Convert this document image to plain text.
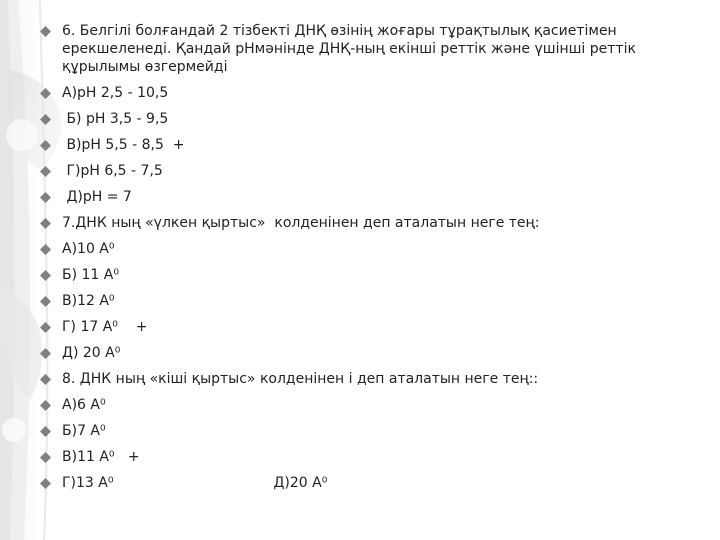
6. Белгілі болғандай 2 тізбекті ДНҚ өзінің жоғары тұрақтылық қасиетімен ерекшеленеді. Қандай рНмәнінде ДНҚ-ның екінші реттік және үшінші реттік құрылымы өзгермейді
А)рН 2,5 - 10,5
Б) рН 3,5 - 9,5
В)рН 5,5 - 8,5  +
Г)рН 6,5 - 7,5
Д)рН = 7
7.ДНК ның «үлкен қыртыс»  колденінен деп аталатын неге тең:
А)10 А⁰
Б) 11 А⁰
В)12 А⁰
Г) 17 А⁰    +
Д) 20 А⁰
8. ДНК ның «кіші қыртыс» колденінен і деп аталатын неге тең::
А)6 А⁰
Б)7 А⁰
В)11 А⁰   +
Г)13 А⁰	Д)20 А⁰
